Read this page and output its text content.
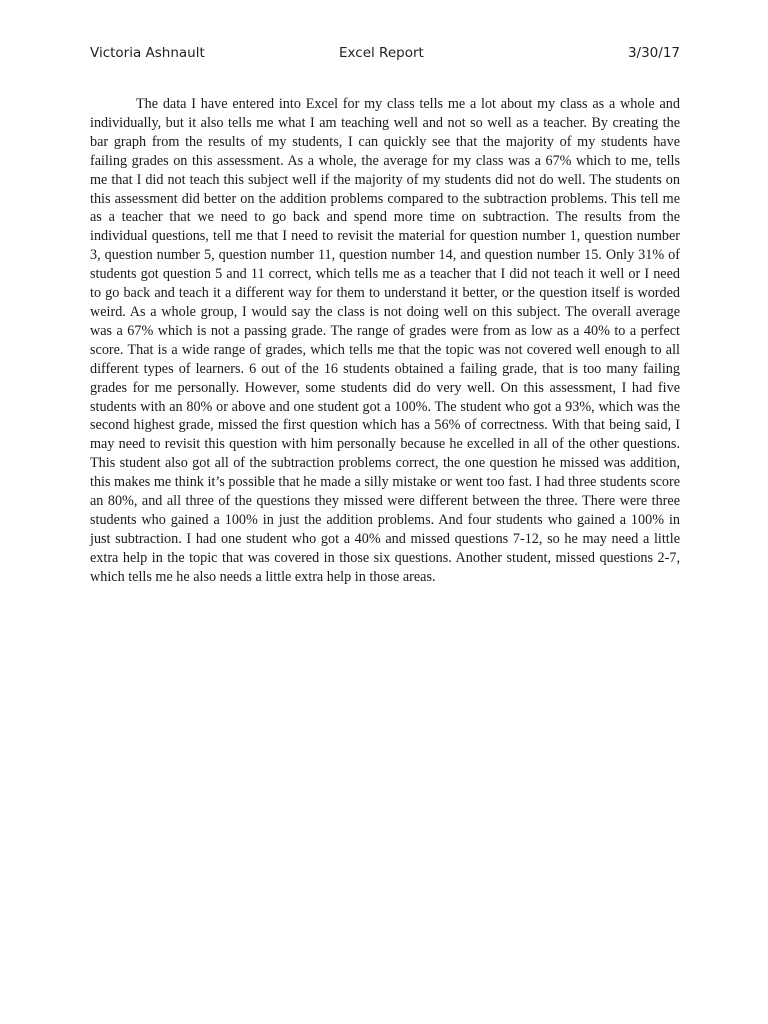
Victoria Ashnault	Excel Report	3/30/17

The data I have entered into Excel for my class tells me a lot about my class as a whole and individually, but it also tells me what I am teaching well and not so well as a teacher. By creating the bar graph from the results of my students, I can quickly see that the majority of my students have failing grades on this assessment. As a whole, the average for my class was a 67% which to me, tells me that I did not teach this subject well if the majority of my students did not do well. The students on this assessment did better on the addition problems compared to the subtraction problems. This tell me as a teacher that we need to go back and spend more time on subtraction. The results from the individual questions, tell me that I need to revisit the material for question number 1, question number 3, question number 5, question number 11, question number 14, and question number 15. Only 31% of students got question 5 and 11 correct, which tells me as a teacher that I did not teach it well or I need to go back and teach it a different way for them to understand it better, or the question itself is worded weird. As a whole group, I would say the class is not doing well on this subject. The overall average was a 67% which is not a passing grade. The range of grades were from as low as a 40% to a perfect score. That is a wide range of grades, which tells me that the topic was not covered well enough to all different types of learners. 6 out of the 16 students obtained a failing grade, that is too many failing grades for me personally. However, some students did do very well. On this assessment, I had five students with an 80% or above and one student got a 100%. The student who got a 93%, which was the second highest grade, missed the first question which has a 56% of correctness. With that being said, I may need to revisit this question with him personally because he excelled in all of the other questions. This student also got all of the subtraction problems correct, the one question he missed was addition, this makes me think it’s possible that he made a silly mistake or went too fast. I had three students score an 80%, and all three of the questions they missed were different between the three. There were three students who gained a 100% in just the addition problems. And four students who gained a 100% in just subtraction. I had one student who got a 40% and missed questions 7-12, so he may need a little extra help in the topic that was covered in those six questions. Another student, missed questions 2-7, which tells me he also needs a little extra help in those areas.
